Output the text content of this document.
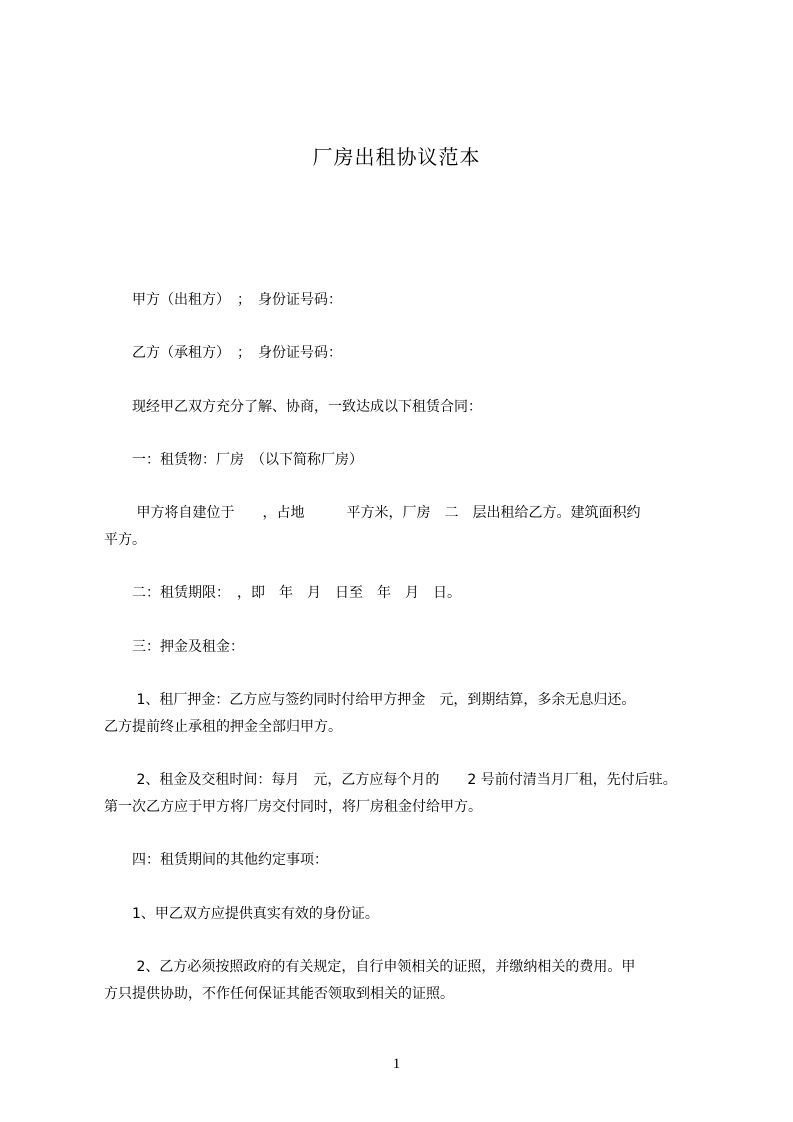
厂房出租协议范本
　　甲方（出租方）　；　身份证号码：
　　乙方（承租方）　；　身份证号码：
　　现经甲乙双方充分了解、协商，一致达成以下租赁合同：
　　一：租赁物：厂房　（以下简称厂房）
　　 甲方将自建位于　　，占地　　　平方米，厂房　二　层出租给乙方。建筑面积约
平方。
　　二：租赁期限：　，即　年　月　日至　年　月　日。
　　三：押金及租金：
　　 1、租厂押金：乙方应与签约同时付给甲方押金　元，到期结算，多余无息归还。
乙方提前终止承租的押金全部归甲方。
　　 2、租金及交租时间：每月　元，乙方应每个月的　　2 号前付清当月厂租，先付后驻。
第一次乙方应于甲方将厂房交付同时，将厂房租金付给甲方。
　　四：租赁期间的其他约定事项：
　　1、甲乙双方应提供真实有效的身份证。
　　 2、乙方必须按照政府的有关规定，自行申领相关的证照，并缴纳相关的费用。甲
方只提供协助，不作任何保证其能否领取到相关的证照。
1
